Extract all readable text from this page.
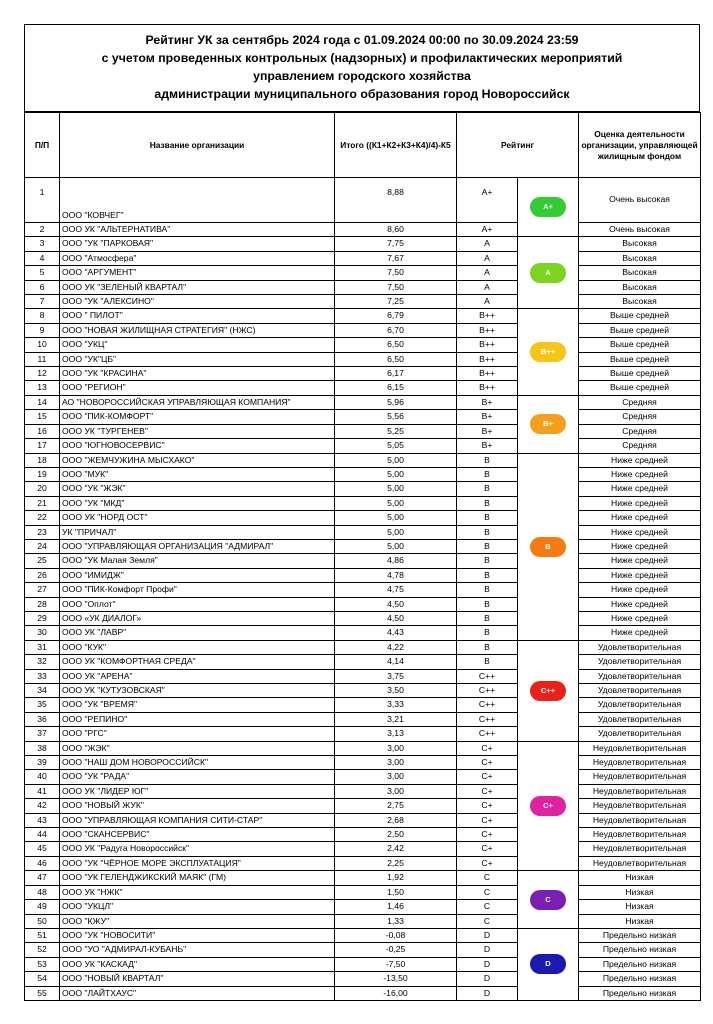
Рейтинг УК за сентябрь 2024 года с 01.09.2024 00:00 по 30.09.2024 23:59
с учетом проведенных контрольных (надзорных) и профилактических мероприятий
управлением городского хозяйства
администрации муниципального образования город Новороссийск
П/П	Название организации	Итого ((К1+К2+К3+К4)/4)-К5	Рейтинг		Оценка деятельности организации, управляющей жилищным фондом
1	ООО "КОВЧЕГ"	8,88	A+	A+	Очень высокая
2	ООО УК "АЛЬТЕРНАТИВА"	8,60	A+		Очень высокая
3	ООО "УК "ПАРКОВАЯ"	7,75	A	A	Высокая
4	ООО "Атмосфера"	7,67	A		Высокая
5	ООО "АРГУМЕНТ"	7,50	A		Высокая
6	ООО УК "ЗЕЛЕНЫЙ КВАРТАЛ"	7,50	A		Высокая
7	ООО "УК "АЛЕКСИНО"	7,25	A		Высокая
8	ООО " ПИЛОТ"	6,79	B++	B++	Выше средней
9	ООО "НОВАЯ ЖИЛИЩНАЯ СТРАТЕГИЯ" (НЖС)	6,70	B++		Выше средней
10	ООО "УКЦ"	6,50	B++		Выше средней
11	ООО "УК"ЦБ"	6,50	B++		Выше средней
12	ООО "УК "КРАСИНА"	6,17	B++		Выше средней
13	ООО "РЕГИОН"	6,15	B++		Выше средней
14	АО "НОВОРОССИЙСКАЯ УПРАВЛЯЮЩАЯ КОМПАНИЯ"	5,96	B+	B+	Средняя
15	ООО "ПИК-КОМФОРТ"	5,56	B+		Средняя
16	ООО УК "ТУРГЕНЕВ"	5,25	B+		Средняя
17	ООО "ЮГНОВОСЕРВИС"	5,05	B+		Средняя
18	ООО "ЖЕМЧУЖИНА МЫСХАКО"	5,00	B	B	Ниже средней
19	ООО "МУК"	5,00	B		Ниже средней
20	ООО "УК "ЖЭК"	5,00	B		Ниже средней
21	ООО "УК "МКД"	5,00	B		Ниже средней
22	ООО УК "НОРД ОСТ"	5,00	B		Ниже средней
23	УК "ПРИЧАЛ"	5,00	B		Ниже средней
24	ООО "УПРАВЛЯЮЩАЯ ОРГАНИЗАЦИЯ "АДМИРАЛ"	5,00	B		Ниже средней
25	ООО "УК Малая Земля"	4,86	B		Ниже средней
26	ООО "ИМИДЖ"	4,78	B		Ниже средней
27	ООО "ПИК-Комфорт Профи"	4,75	B		Ниже средней
28	ООО "Оплот"	4,50	B		Ниже средней
29	ООО «УК ДИАЛОГ»	4,50	B		Ниже средней
30	ООО УК "ЛАВР"	4,43	B		Ниже средней
31	ООО "КУК"	4,22	B	C++	Удовлетворительная
32	ООО УК "КОМФОРТНАЯ СРЕДА"	4,14	B		Удовлетворительная
33	ООО УК "АРЕНА"	3,75	C++		Удовлетворительная
34	ООО УК "КУТУЗОВСКАЯ"	3,50	C++		Удовлетворительная
35	ООО "УК "ВРЕМЯ"	3,33	C++		Удовлетворительная
36	ООО "РЕПИНО"	3,21	C++		Удовлетворительная
37	ООО "РГС"	3,13	C++		Удовлетворительная
38	ООО "ЖЭК"	3,00	C+	C+	Неудовлетворительная
39	ООО "НАШ ДОМ НОВОРОССИЙСК"	3,00	C+		Неудовлетворительная
40	ООО "УК "РАДА"	3,00	C+		Неудовлетворительная
41	ООО УК "ЛИДЕР ЮГ"	3,00	C+		Неудовлетворительная
42	ООО "НОВЫЙ ЖУК"	2,75	C+		Неудовлетворительная
43	ООО "УПРАВЛЯЮЩАЯ КОМПАНИЯ СИТИ-СТАР"	2,68	C+		Неудовлетворительная
44	ООО "СКАНСЕРВИС"	2,50	C+		Неудовлетворительная
45	ООО УК "Радуга Новороссийск"	2,42	C+		Неудовлетворительная
46	ООО "УК "ЧЁРНОЕ МОРЕ ЭКСПЛУАТАЦИЯ"	2,25	C+		Неудовлетворительная
47	ООО "УК ГЕЛЕНДЖИКСКИЙ МАЯК" (ГМ)	1,92	C	C	Низкая
48	ООО УК "НЖК"	1,50	C		Низкая
49	ООО "УКЦЛ"	1,46	C		Низкая
50	ООО "КЖУ"	1,33	C		Низкая
51	ООО "УК "НОВОСИТИ"	-0,08	D	D	Предельно низкая
52	ООО "УО "АДМИРАЛ-КУБАНЬ"	-0,25	D		Предельно низкая
53	ООО УК "КАСКАД"	-7,50	D		Предельно низкая
54	ООО "НОВЫЙ КВАРТАЛ"	-13,50	D		Предельно низкая
55	ООО "ЛАЙТХАУС"	-16,00	D		Предельно низкая
